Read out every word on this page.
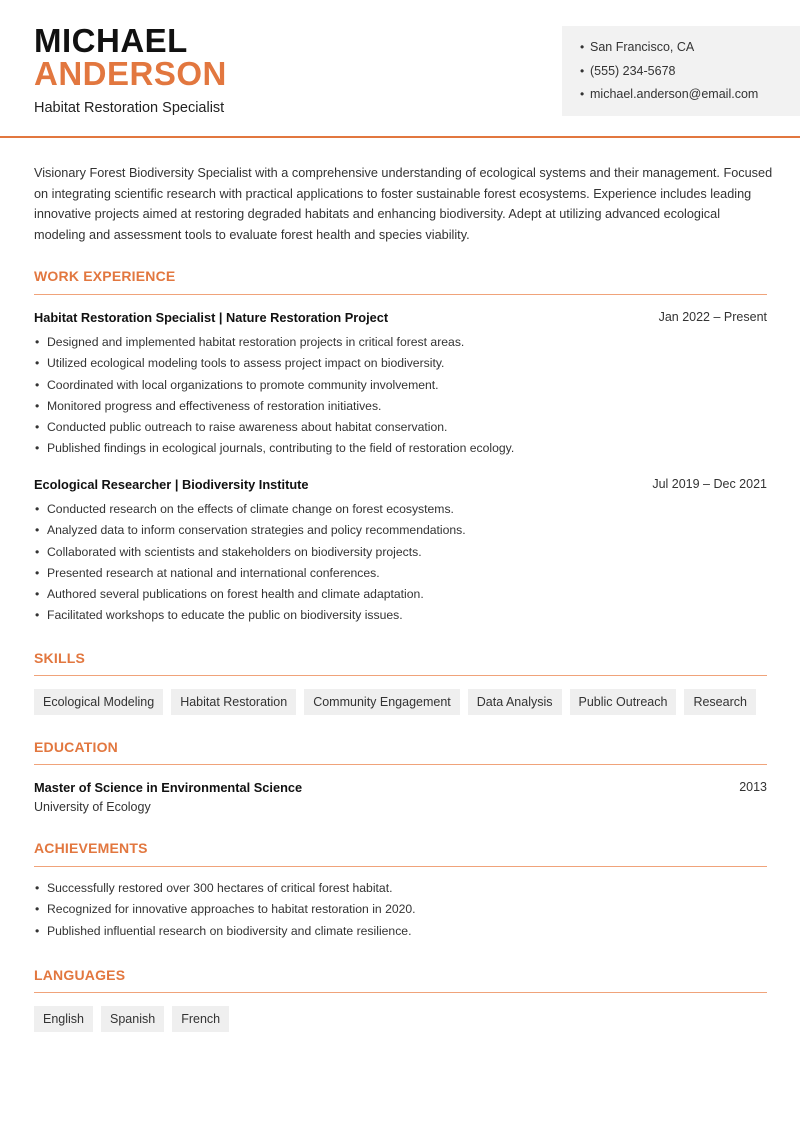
MICHAEL
ANDERSON
Habitat Restoration Specialist
• San Francisco, CA
• (555) 234-5678
• michael.anderson@email.com
Visionary Forest Biodiversity Specialist with a comprehensive understanding of ecological systems and their management. Focused on integrating scientific research with practical applications to foster sustainable forest ecosystems. Experience includes leading innovative projects aimed at restoring degraded habitats and enhancing biodiversity. Adept at utilizing advanced ecological modeling and assessment tools to evaluate forest health and species viability.
WORK EXPERIENCE
Habitat Restoration Specialist | Nature Restoration Project	Jan 2022 – Present
• Designed and implemented habitat restoration projects in critical forest areas.
• Utilized ecological modeling tools to assess project impact on biodiversity.
• Coordinated with local organizations to promote community involvement.
• Monitored progress and effectiveness of restoration initiatives.
• Conducted public outreach to raise awareness about habitat conservation.
• Published findings in ecological journals, contributing to the field of restoration ecology.
Ecological Researcher | Biodiversity Institute	Jul 2019 – Dec 2021
• Conducted research on the effects of climate change on forest ecosystems.
• Analyzed data to inform conservation strategies and policy recommendations.
• Collaborated with scientists and stakeholders on biodiversity projects.
• Presented research at national and international conferences.
• Authored several publications on forest health and climate adaptation.
• Facilitated workshops to educate the public on biodiversity issues.
SKILLS
Ecological Modeling	Habitat Restoration	Community Engagement	Data Analysis	Public Outreach	Research
EDUCATION
Master of Science in Environmental Science	2013
University of Ecology
ACHIEVEMENTS
• Successfully restored over 300 hectares of critical forest habitat.
• Recognized for innovative approaches to habitat restoration in 2020.
• Published influential research on biodiversity and climate resilience.
LANGUAGES
English	Spanish	French
